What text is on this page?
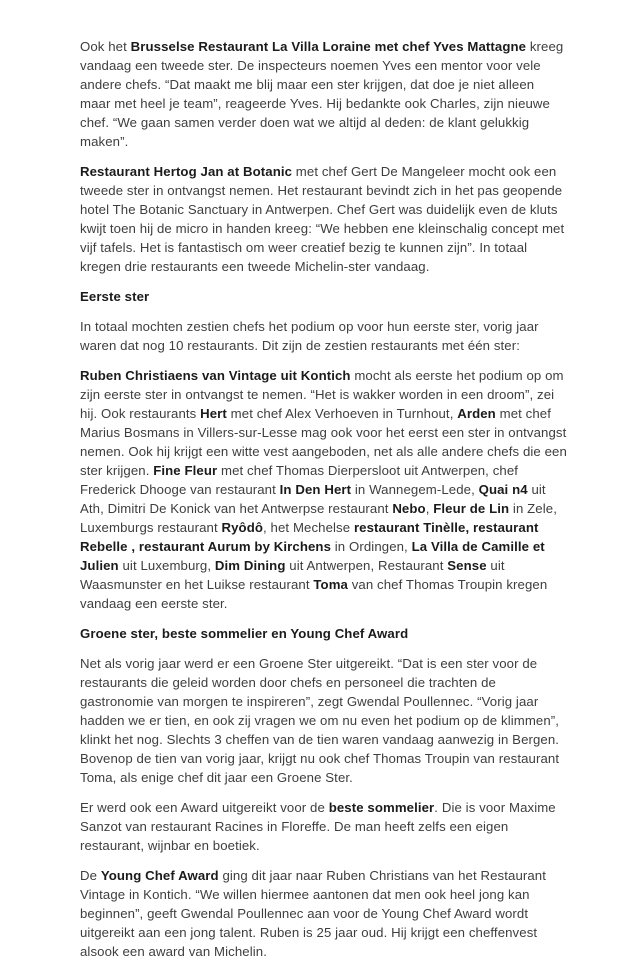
Ook het Brusselse Restaurant La Villa Loraine met chef Yves Mattagne kreeg vandaag een tweede ster. De inspecteurs noemen Yves een mentor voor vele andere chefs. “Dat maakt me blij maar een ster krijgen, dat doe je niet alleen maar met heel je team”, reageerde Yves. Hij bedankte ook Charles, zijn nieuwe chef. “We gaan samen verder doen wat we altijd al deden: de klant gelukkig maken”.

Restaurant Hertog Jan at Botanic met chef Gert De Mangeleer mocht ook een tweede ster in ontvangst nemen. Het restaurant bevindt zich in het pas geopende hotel The Botanic Sanctuary in Antwerpen. Chef Gert was duidelijk even de kluts kwijt toen hij de micro in handen kreeg: “We hebben ene kleinschalig concept met vijf tafels. Het is fantastisch om weer creatief bezig te kunnen zijn”. In totaal kregen drie restaurants een tweede Michelin-ster vandaag.

Eerste ster

In totaal mochten zestien chefs het podium op voor hun eerste ster, vorig jaar waren dat nog 10 restaurants. Dit zijn de zestien restaurants met één ster:

Ruben Christiaens van Vintage uit Kontich mocht als eerste het podium op om zijn eerste ster in ontvangst te nemen. “Het is wakker worden in een droom”, zei hij. Ook restaurants Hert met chef Alex Verhoeven in Turnhout, Arden met chef Marius Bosmans in Villers-sur-Lesse mag ook voor het eerst een ster in ontvangst nemen. Ook hij krijgt een witte vest aangeboden, net als alle andere chefs die een ster krijgen. Fine Fleur met chef Thomas Dierpersloot uit Antwerpen, chef Frederick Dhooge van restaurant In Den Hert in Wannegem-Lede, Quai n4 uit Ath, Dimitri De Konick van het Antwerpse restaurant Nebo, Fleur de Lin in Zele, Luxemburgs restaurant Ryôdô, het Mechelse restaurant Tinèlle, restaurant Rebelle , restaurant Aurum by Kirchens in Ordingen, La Villa de Camille et Julien uit Luxemburg, Dim Dining uit Antwerpen, Restaurant Sense uit Waasmunster en het Luikse restaurant Toma van chef Thomas Troupin kregen vandaag een eerste ster.

Groene ster, beste sommelier en Young Chef Award

Net als vorig jaar werd er een Groene Ster uitgereikt. “Dat is een ster voor de restaurants die geleid worden door chefs en personeel die trachten de gastronomie van morgen te inspireren”, zegt Gwendal Poullennec. “Vorig jaar hadden we er tien, en ook zij vragen we om nu even het podium op de klimmen”, klinkt het nog. Slechts 3 cheffen van de tien waren vandaag aanwezig in Bergen. Bovenop de tien van vorig jaar, krijgt nu ook chef Thomas Troupin van restaurant Toma, als enige chef dit jaar een Groene Ster.

Er werd ook een Award uitgereikt voor de beste sommelier. Die is voor Maxime Sanzot van restaurant Racines in Floreffe. De man heeft zelfs een eigen restaurant, wijnbar en boetiek.

De Young Chef Award ging dit jaar naar Ruben Christians van het Restaurant Vintage in Kontich. “We willen hiermee aantonen dat men ook heel jong kan beginnen”, geeft Gwendal Poullennec aan voor de Young Chef Award wordt uitgereikt aan een jong talent. Ruben is 25 jaar oud. Hij krijgt een cheffenvest alsook een award van Michelin.
